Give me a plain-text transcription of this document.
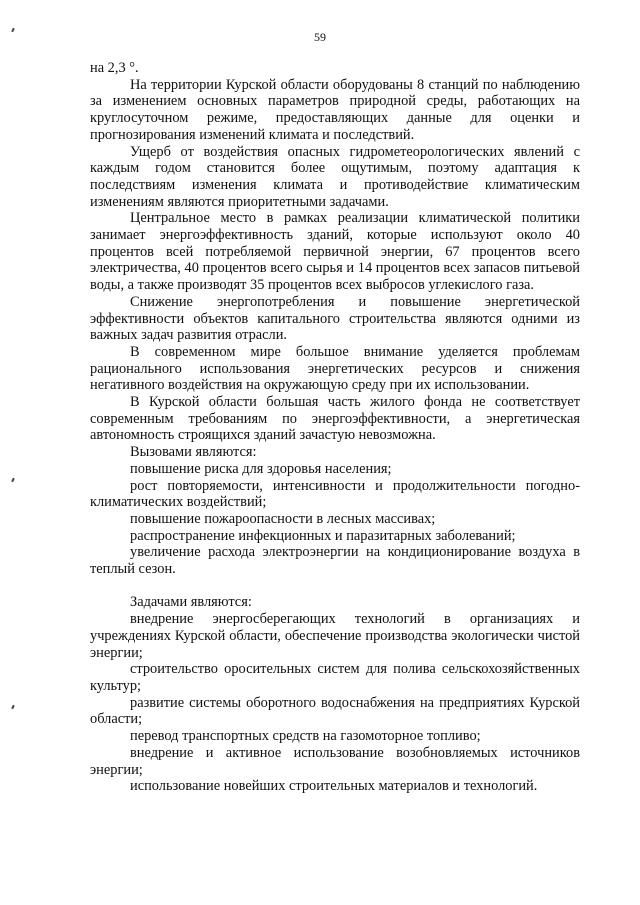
59

на 2,3 °.

На территории Курской области оборудованы 8 станций по наблюдению за изменением основных параметров природной среды, работающих на круглосуточном режиме, предоставляющих данные для оценки и прогнозирования изменений климата и последствий.

Ущерб от воздействия опасных гидрометеорологических явлений с каждым годом становится более ощутимым, поэтому адаптация к последствиям изменения климата и противодействие климатическим изменениям являются приоритетными задачами.

Центральное место в рамках реализации климатической политики занимает энергоэффективность зданий, которые используют около 40 процентов всей потребляемой первичной энергии, 67 процентов всего электричества, 40 процентов всего сырья и 14 процентов всех запасов питьевой воды, а также производят 35 процентов всех выбросов углекислого газа.

Снижение энергопотребления и повышение энергетической эффективности объектов капитального строительства являются одними из важных задач развития отрасли.

В современном мире большое внимание уделяется проблемам рационального использования энергетических ресурсов и снижения негативного воздействия на окружающую среду при их использовании.

В Курской области большая часть жилого фонда не соответствует современным требованиям по энергоэффективности, а энергетическая автономность строящихся зданий зачастую невозможна.

Вызовами являются:

повышение риска для здоровья населения;

рост повторяемости, интенсивности и продолжительности погодно-климатических воздействий;

повышение пожароопасности в лесных массивах;

распространение инфекционных и паразитарных заболеваний;

увеличение расхода электроэнергии на кондиционирование воздуха в теплый сезон.

Задачами являются:

внедрение энергосберегающих технологий в организациях и учреждениях Курской области, обеспечение производства экологически чистой энергии;

строительство оросительных систем для полива сельскохозяйственных культур;

развитие системы оборотного водоснабжения на предприятиях Курской области;

перевод транспортных средств на газомоторное топливо;

внедрение и активное использование возобновляемых источников энергии;

использование новейших строительных материалов и технологий.
